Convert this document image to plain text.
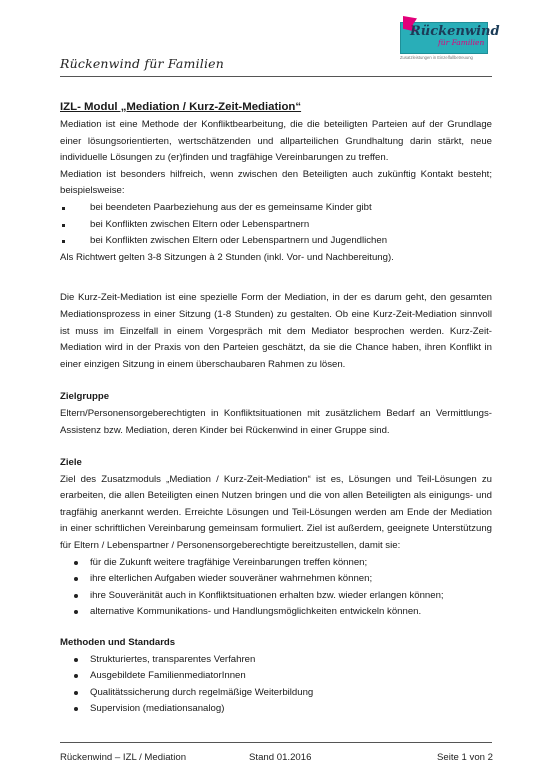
Rückenwind
für Familien
Zusatzleistungen in Einzelfallbetreuung
Rückenwind für Familien
IZL- Modul „Mediation / Kurz-Zeit-Mediation“

Mediation ist eine Methode der Konfliktbearbeitung, die die beteiligten Parteien auf der Grundlage einer lösungsorientierten, wertschätzenden und allparteilichen Grundhaltung darin stärkt, neue individuelle Lösungen zu (er)finden und tragfähige Vereinbarungen zu treffen.

Mediation ist besonders hilfreich, wenn zwischen den Beteiligten auch zukünftig Kontakt besteht; beispielsweise:

bei beendeten Paarbeziehung aus der es gemeinsame Kinder gibt
bei Konflikten zwischen Eltern oder Lebenspartnern
bei Konflikten zwischen Eltern oder Lebenspartnern und Jugendlichen

Als Richtwert gelten 3-8 Sitzungen à 2 Stunden (inkl. Vor- und Nachbereitung).

Die Kurz-Zeit-Mediation ist eine spezielle Form der Mediation, in der es darum geht, den gesamten Mediationsprozess in einer Sitzung (1-8 Stunden) zu gestalten. Ob eine Kurz-Zeit-Mediation sinnvoll ist muss im Einzelfall in einem Vorgespräch mit dem Mediator besprochen werden. Kurz-Zeit-Mediation wird in der Praxis von den Parteien geschätzt, da sie die Chance haben, ihren Konflikt in einer einzigen Sitzung in einem überschaubaren Rahmen zu lösen.

Zielgruppe

Eltern/Personensorgeberechtigten in Konfliktsituationen mit zusätzlichem Bedarf an Vermittlungs-Assistenz bzw. Mediation, deren Kinder bei Rückenwind in einer Gruppe sind.

Ziele

Ziel des Zusatzmoduls „Mediation / Kurz-Zeit-Mediation“ ist es, Lösungen und Teil-Lösungen zu erarbeiten, die allen Beteiligten einen Nutzen bringen und die von allen Beteiligten als einigungs- und tragfähig anerkannt werden. Erreichte Lösungen und Teil-Lösungen werden am Ende der Mediation in einer schriftlichen Vereinbarung gemeinsam formuliert. Ziel ist außerdem, geeignete Unterstützung für Eltern / Lebenspartner / Personensorgeberechtigte bereitzustellen, damit sie:

für die Zukunft weitere tragfähige Vereinbarungen treffen können;
ihre elterlichen Aufgaben wieder souveräner wahrnehmen können;
ihre Souveränität auch in Konfliktsituationen erhalten bzw. wieder erlangen können;
alternative Kommunikations- und Handlungsmöglichkeiten entwickeln können.
Methoden und Standards
Strukturiertes, transparentes Verfahren
Ausgebildete FamilienmediatorInnen
Qualitätssicherung durch regelmäßige Weiterbildung
Supervision (mediationsanalog)
Rückenwind – IZL / Mediation	Stand 01.2016	Seite 1 von 2
